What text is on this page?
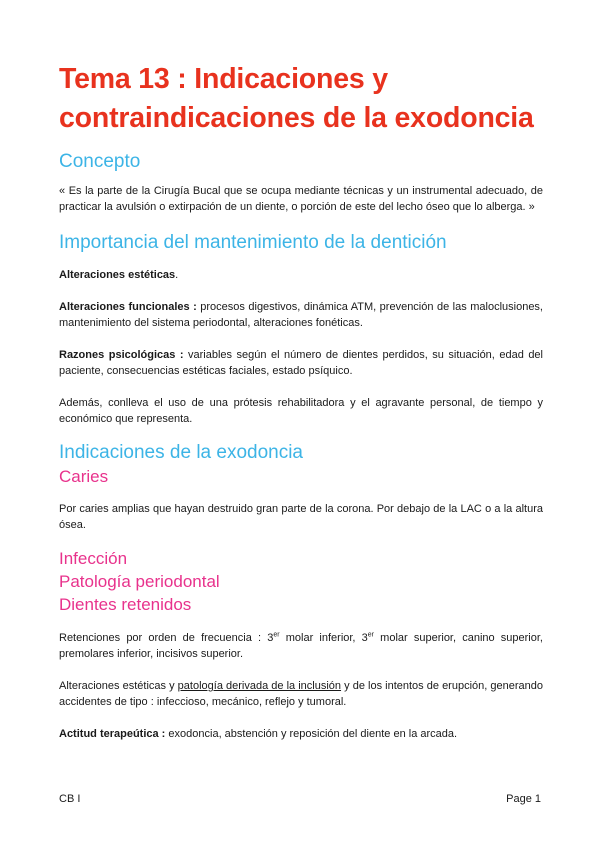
Tema 13 : Indicaciones y contraindicaciones de la exodoncia
Concepto

« Es la parte de la Cirugía Bucal que se ocupa mediante técnicas y un instrumental adecuado, de practicar la avulsión o extirpación de un diente, o porción de este del lecho óseo que lo alberga. »

Importancia del mantenimiento de la dentición

Alteraciones estéticas.

Alteraciones funcionales : procesos digestivos, dinámica ATM, prevención de las maloclusiones, mantenimiento del sistema periodontal, alteraciones fonéticas.

Razones psicológicas : variables según el número de dientes perdidos, su situación, edad del paciente, consecuencias estéticas faciales, estado psíquico.

Además, conlleva el uso de una prótesis rehabilitadora y el agravante personal, de tiempo y económico que representa.

Indicaciones de la exodoncia
Caries

Por caries amplias que hayan destruido gran parte de la corona. Por debajo de la LAC o a la altura ósea.

Infección
Patología periodontal
Dientes retenidos

Retenciones por orden de frecuencia : 3er molar inferior, 3er molar superior, canino superior, premolares inferior, incisivos superior.

Alteraciones estéticas y patología derivada de la inclusión y de los intentos de erupción, generando accidentes de tipo : infeccioso, mecánico, reflejo y tumoral.

Actitud terapeútica : exodoncia, abstención y reposición del diente en la arcada.

CB I	Page 1
